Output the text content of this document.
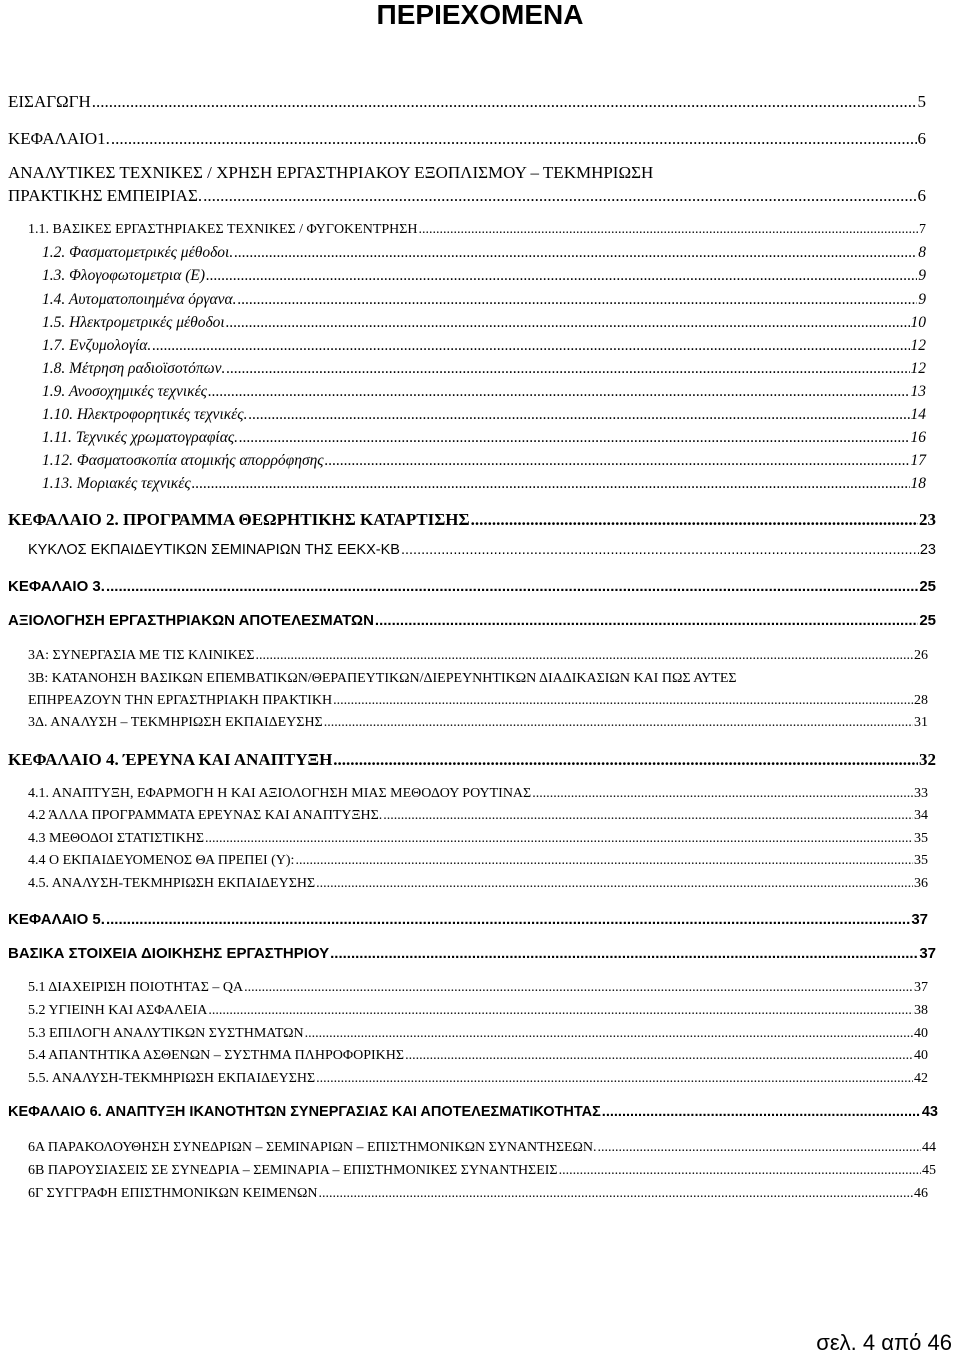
ΠΕΡΙΕΧΟΜΕΝΑ
ΕΙΣΑΓΩΓΗ .....	5
ΚΕΦΑΛΑΙΟ1. .....	6
ΑΝΑΛΥΤΙΚΕΣ ΤΕΧΝΙΚΕΣ / ΧΡΗΣΗ ΕΡΓΑΣΤΗΡΙΑΚΟΥ ΕΞΟΠΛΙΣΜΟΥ – ΤΕΚΜΗΡΙΩΣΗ
ΠΡΑΚΤΙΚΗΣ ΕΜΠΕΙΡΙΑΣ. .....	6
1.1. ΒΑΣΙΚΕΣ ΕΡΓΑΣΤΗΡΙΑΚΕΣ ΤΕΧΝΙΚΕΣ / ΦΥΓΟΚΕΝΤΡΗΣΗ .....	7
1.2. Φασματομετρικές μέθοδοι. .....	8
1.3. Φλογοφωτομετρια (Ε) .....	9
1.4. Αυτοματοποιημένα όργανα. .....	9
1.5. Ηλεκτρομετρικές μέθοδοι .....	10
1.7. Ενζυμολογία. .....	12
1.8. Μέτρηση ραδιοϊσοτόπων. .....	12
1.9. Ανοσοχημικές τεχνικές .....	13
1.10. Ηλεκτροφορητικές τεχνικές. .....	14
1.11. Τεχνικές χρωματογραφίας. .....	16
1.12. Φασματοσκοπία ατομικής απορρόφησης .....	17
1.13. Μοριακές τεχνικές .....	18
ΚΕΦΑΛΑΙΟ 2. ΠΡΟΓΡΑΜΜΑ ΘΕΩΡΗΤΙΚΗΣ ΚΑΤΑΡΤΙΣΗΣ .....	23
ΚΥΚΛΟΣ ΕΚΠΑΙΔΕΥΤΙΚΩΝ ΣΕΜΙΝΑΡΙΩΝ ΤΗΣ ΕΕΚΧ-ΚΒ .....	23
ΚΕΦΑΛΑΙΟ 3. .....	25
ΑΞΙΟΛΟΓΗΣΗ ΕΡΓΑΣΤΗΡΙΑΚΩΝ ΑΠΟΤΕΛΕΣΜΑΤΩΝ .....	25
3Α: ΣΥΝΕΡΓΑΣΙΑ ΜΕ ΤΙΣ ΚΛΙΝΙΚΕΣ .....	26
3Β: ΚΑΤΑΝΟΗΣΗ ΒΑΣΙΚΩΝ ΕΠΕΜΒΑΤΙΚΩΝ/ΘΕΡΑΠΕΥΤΙΚΩΝ/ΔΙΕΡΕΥΝΗΤΙΚΩΝ ΔΙΑΔΙΚΑΣΙΩΝ ΚΑΙ ΠΩΣ ΑΥΤΕΣ
ΕΠΗΡΕΑΖΟΥΝ ΤΗΝ ΕΡΓΑΣΤΗΡΙΑΚΗ ΠΡΑΚΤΙΚΗ .....	28
3Δ. ΑΝΑΛΥΣΗ – ΤΕΚΜΗΡΙΩΣΗ ΕΚΠΑΙΔΕΥΣΗΣ .....	31
ΚΕΦΑΛΑΙΟ 4. ΈΡΕΥΝΑ ΚΑΙ ΑΝΑΠΤΥΞΗ .....	32
4.1. ΑΝΑΠΤΥΞΗ, ΕΦΑΡΜΟΓΗ Η ΚΑΙ ΑΞΙΟΛΟΓΗΣΗ ΜΙΑΣ ΜΕΘΟΔΟΥ ΡΟΥΤΙΝΑΣ .....	33
4.2 ΆΛΛΑ ΠΡΟΓΡΑΜΜΑΤΑ ΕΡΕΥΝΑΣ ΚΑΙ ΑΝΑΠΤΥΞΗΣ. .....	34
4.3 ΜΕΘΟΔΟΙ ΣΤΑΤΙΣΤΙΚΗΣ .....	35
4.4 Ο ΕΚΠΑΙΔΕΥΟΜΕΝΟΣ ΘΑ ΠΡΕΠΕΙ (Υ): .....	35
4.5. ΑΝΑΛΥΣΗ-ΤΕΚΜΗΡΙΩΣΗ ΕΚΠΑΙΔΕΥΣΗΣ .....	36
ΚΕΦΑΛΑΙΟ 5. .....	37
ΒΑΣΙΚΑ ΣΤΟΙΧΕΙΑ ΔΙΟΙΚΗΣΗΣ ΕΡΓΑΣΤΗΡΙΟΥ .....	37
5.1 ΔΙΑΧΕΙΡΙΣΗ ΠΟΙΟΤΗΤΑΣ – QA .....	37
5.2 ΥΓΙΕΙΝΗ ΚΑΙ ΑΣΦΑΛΕΙΑ .....	38
5.3 ΕΠΙΛΟΓΗ ΑΝΑΛΥΤΙΚΩΝ ΣΥΣΤΗΜΑΤΩΝ .....	40
5.4 ΑΠΑΝΤΗΤΙΚΑ ΑΣΘΕΝΩΝ – ΣΥΣΤΗΜΑ ΠΛΗΡΟΦΟΡΙΚΗΣ .....	40
5.5. ΑΝΑΛΥΣΗ-ΤΕΚΜΗΡΙΩΣΗ ΕΚΠΑΙΔΕΥΣΗΣ .....	42
ΚΕΦΑΛΑΙΟ 6. ΑΝΑΠΤΥΞΗ ΙΚΑΝΟΤΗΤΩΝ ΣΥΝΕΡΓΑΣΙΑΣ ΚΑΙ ΑΠΟΤΕΛΕΣΜΑΤΙΚΟΤΗΤΑΣ .....	43
6Α ΠΑΡΑΚΟΛΟΥΘΗΣΗ ΣΥΝΕΔΡΙΩΝ – ΣΕΜΙΝΑΡΙΩΝ – ΕΠΙΣΤΗΜΟΝΙΚΩΝ ΣΥΝΑΝΤΗΣΕΩΝ. .....	44
6Β ΠΑΡΟΥΣΙΑΣΕΙΣ ΣΕ ΣΥΝΕΔΡΙΑ – ΣΕΜΙΝΑΡΙΑ – ΕΠΙΣΤΗΜΟΝΙΚΕΣ ΣΥΝΑΝΤΗΣΕΙΣ .....	45
6Γ ΣΥΓΓΡΑΦΗ ΕΠΙΣΤΗΜΟΝΙΚΩΝ ΚΕΙΜΕΝΩΝ .....	46
σελ. 4 από 46
